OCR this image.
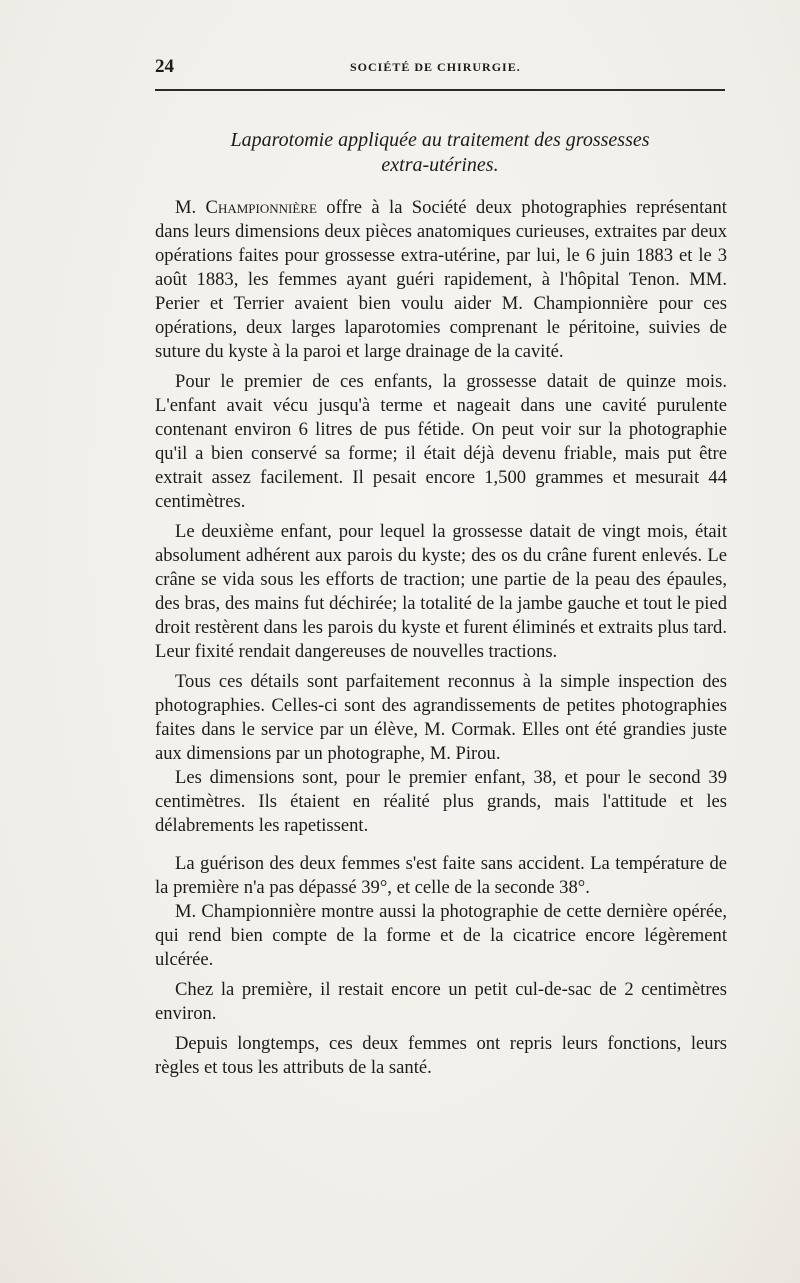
24	SOCIÉTÉ DE CHIRURGIE.
Laparotomie appliquée au traitement des grossesses
extra-utérines.

M. Championnière offre à la Société deux photographies représentant dans leurs dimensions deux pièces anatomiques curieuses, extraites par deux opérations faites pour grossesse extra-utérine, par lui, le 6 juin 1883 et le 3 août 1883, les femmes ayant guéri rapidement, à l'hôpital Tenon. MM. Perier et Terrier avaient bien voulu aider M. Championnière pour ces opérations, deux larges laparotomies comprenant le péritoine, suivies de suture du kyste à la paroi et large drainage de la cavité.

Pour le premier de ces enfants, la grossesse datait de quinze mois. L'enfant avait vécu jusqu'à terme et nageait dans une cavité purulente contenant environ 6 litres de pus fétide. On peut voir sur la photographie qu'il a bien conservé sa forme; il était déjà devenu friable, mais put être extrait assez facilement. Il pesait encore 1,500 grammes et mesurait 44 centimètres.

Le deuxième enfant, pour lequel la grossesse datait de vingt mois, était absolument adhérent aux parois du kyste; des os du crâne furent enlevés. Le crâne se vida sous les efforts de traction; une partie de la peau des épaules, des bras, des mains fut déchirée; la totalité de la jambe gauche et tout le pied droit restèrent dans les parois du kyste et furent éliminés et extraits plus tard. Leur fixité rendait dangereuses de nouvelles tractions.

Tous ces détails sont parfaitement reconnus à la simple inspection des photographies. Celles-ci sont des agrandissements de petites photographies faites dans le service par un élève, M. Cormak. Elles ont été grandies juste aux dimensions par un photographe, M. Pirou.

Les dimensions sont, pour le premier enfant, 38, et pour le second 39 centimètres. Ils étaient en réalité plus grands, mais l'attitude et les délabrements les rapetissent.

La guérison des deux femmes s'est faite sans accident. La température de la première n'a pas dépassé 39°, et celle de la seconde 38°.

M. Championnière montre aussi la photographie de cette dernière opérée, qui rend bien compte de la forme et de la cicatrice encore légèrement ulcérée.

Chez la première, il restait encore un petit cul-de-sac de 2 centimètres environ.

Depuis longtemps, ces deux femmes ont repris leurs fonctions, leurs règles et tous les attributs de la santé.
